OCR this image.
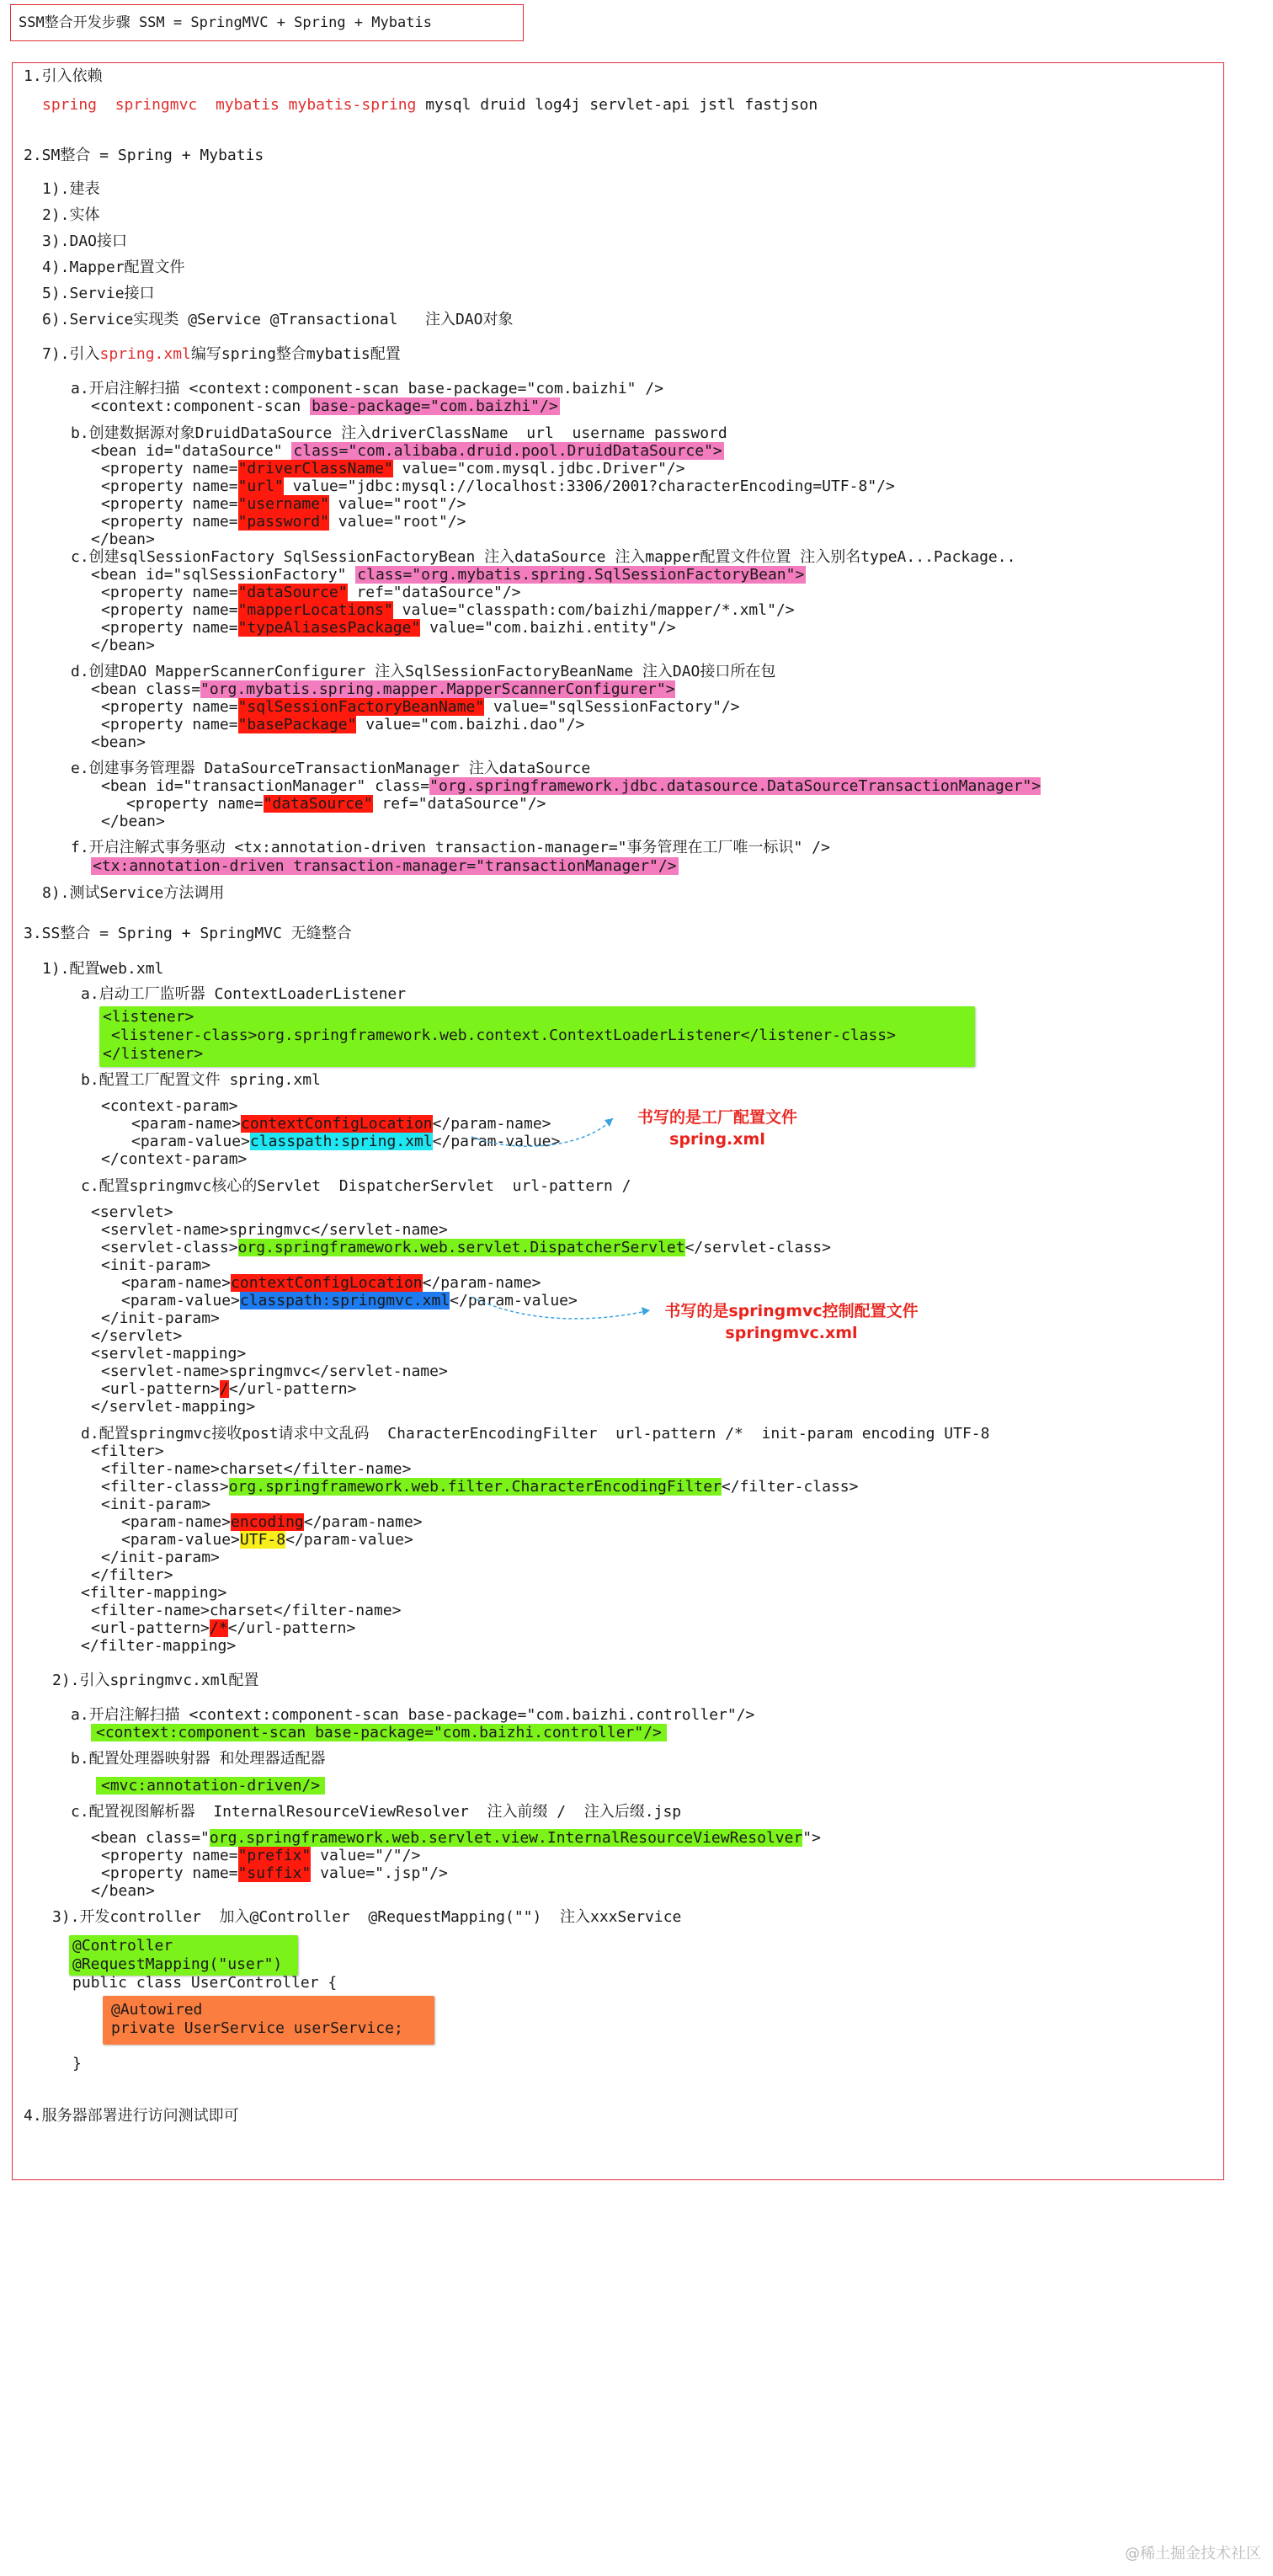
SSM整合开发步骤 SSM = SpringMVC + Spring + Mybatis
1.引入依赖
spring springmvc mybatis mybatis-spring mysql druid log4j servlet-api jstl fastjson
2.SM整合 = Spring + Mybatis
1).建表
2).实体
3).DAO接口
4).Mapper配置文件
5).Servie接口
6).Service实现类 @Service @Transactional   注入DAO对象
7).引入spring.xml编写spring整合mybatis配置
a.开启注解扫描 <context:component-scan base-package="com.baizhi" />
<context:component-scan base-package="com.baizhi"/>
b.创建数据源对象DruidDataSource 注入driverClassName  url  username password
<bean id="dataSource" class="com.alibaba.druid.pool.DruidDataSource">
<property name="driverClassName" value="com.mysql.jdbc.Driver"/>
<property name="url" value="jdbc:mysql://localhost:3306/2001?characterEncoding=UTF-8"/>
<property name="username" value="root"/>
<property name="password" value="root"/>
</bean>
c.创建sqlSessionFactory SqlSessionFactoryBean 注入dataSource 注入mapper配置文件位置 注入别名typeA...Package..
<bean id="sqlSessionFactory" class="org.mybatis.spring.SqlSessionFactoryBean">
<property name="dataSource" ref="dataSource"/>
<property name="mapperLocations" value="classpath:com/baizhi/mapper/*.xml"/>
<property name="typeAliasesPackage" value="com.baizhi.entity"/>
</bean>
d.创建DAO MapperScannerConfigurer 注入SqlSessionFactoryBeanName 注入DAO接口所在包
<bean class="org.mybatis.spring.mapper.MapperScannerConfigurer">
<property name="sqlSessionFactoryBeanName" value="sqlSessionFactory"/>
<property name="basePackage" value="com.baizhi.dao"/>
<bean>
e.创建事务管理器 DataSourceTransactionManager 注入dataSource
<bean id="transactionManager" class="org.springframework.jdbc.datasource.DataSourceTransactionManager">
<property name="dataSource" ref="dataSource"/>
</bean>
f.开启注解式事务驱动 <tx:annotation-driven transaction-manager="事务管理在工厂唯一标识" />
<tx:annotation-driven transaction-manager="transactionManager"/>
8).测试Service方法调用
3.SS整合 = Spring + SpringMVC 无缝整合
1).配置web.xml
a.启动工厂监听器 ContextLoaderListener
<listener>
<listener-class>org.springframework.web.context.ContextLoaderListener</listener-class>
</listener>
b.配置工厂配置文件 spring.xml
<context-param>
<param-name>contextConfigLocation</param-name>
<param-value>classpath:spring.xml</param-value>
</context-param>
书写的是工厂配置文件
spring.xml
c.配置springmvc核心的Servlet  DispatcherServlet  url-pattern /
<servlet>
<servlet-name>springmvc</servlet-name>
<servlet-class>org.springframework.web.servlet.DispatcherServlet</servlet-class>
<init-param>
<param-name>contextConfigLocation</param-name>
<param-value>classpath:springmvc.xml</param-value>
</init-param>
</servlet>
<servlet-mapping>
<servlet-name>springmvc</servlet-name>
<url-pattern>/</url-pattern>
</servlet-mapping>
书写的是springmvc控制配置文件
springmvc.xml
d.配置springmvc接收post请求中文乱码  CharacterEncodingFilter  url-pattern /*  init-param encoding UTF-8
<filter>
<filter-name>charset</filter-name>
<filter-class>org.springframework.web.filter.CharacterEncodingFilter</filter-class>
<init-param>
<param-name>encoding</param-name>
<param-value>UTF-8</param-value>
</init-param>
</filter>
<filter-mapping>
<filter-name>charset</filter-name>
<url-pattern>/*</url-pattern>
</filter-mapping>
2).引入springmvc.xml配置
a.开启注解扫描 <context:component-scan base-package="com.baizhi.controller"/>
<context:component-scan base-package="com.baizhi.controller"/>
b.配置处理器映射器 和处理器适配器
<mvc:annotation-driven/>
c.配置视图解析器  InternalResourceViewResolver  注入前缀 /  注入后缀.jsp
<bean class="org.springframework.web.servlet.view.InternalResourceViewResolver">
<property name="prefix" value="/"/>
<property name="suffix" value=".jsp"/>
</bean>
3).开发controller  加入@Controller  @RequestMapping("")  注入xxxService
@Controller
@RequestMapping("user")
public class UserController {
@Autowired
private UserService userService;
}
4.服务器部署进行访问测试即可
@稀土掘金技术社区
